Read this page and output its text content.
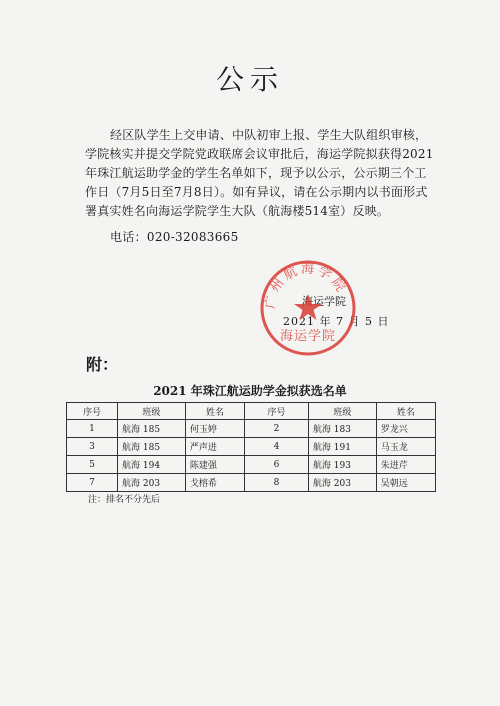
公示

经区队学生上交申请、中队初审上报、学生大队组织审核，学院核实并提交学院党政联席会议审批后，海运学院拟获得2021年珠江航运助学金的学生名单如下，现予以公示，公示期三个工作日（7月5日至7月8日）。如有异议，请在公示期内以书面形式署真实姓名向海运学院学生大队（航海楼514室）反映。

电话：020-32083665
海运学院
2021 年 7 月 5 日
广州航海学院
海运学院
附：
2021 年珠江航运助学金拟获选名单
序号	班级	姓名	序号	班级	姓名
1	航海 185	何玉婷	2	航海 183	罗龙兴
3	航海 185	严声进	4	航海 191	马玉龙
5	航海 194	陈建强	6	航海 193	朱进芹
7	航海 203	戈榕希	8	航海 203	吴朝远
注：排名不分先后
